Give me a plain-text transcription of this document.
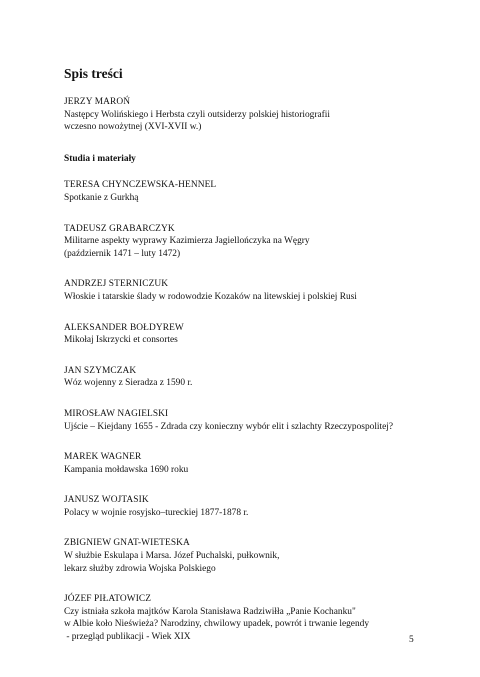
Spis treści
JERZY MAROŃ
Następcy Wolińskiego i Herbsta czyli outsiderzy polskiej historiografii
wczesno nowożytnej (XVI-XVII w.)
Studia i materiały
TERESA CHYNCZEWSKA-HENNEL
Spotkanie z Gurkhą
TADEUSZ GRABARCZYK
Militarne aspekty wyprawy Kazimierza Jagiellończyka na Węgry
(październik 1471 – luty 1472)
ANDRZEJ STERNICZUK
Włoskie i tatarskie ślady w rodowodzie Kozaków na litewskiej i polskiej Rusi
ALEKSANDER BOŁDYREW
Mikołaj Iskrzycki et consortes
JAN SZYMCZAK
Wóz wojenny z Sieradza z 1590 r.
MIROSŁAW NAGIELSKI
Ujście – Kiejdany 1655 - Zdrada czy konieczny wybór elit i szlachty Rzeczypospolitej?
MAREK WAGNER
Kampania mołdawska 1690 roku
JANUSZ WOJTASIK
Polacy w wojnie rosyjsko–tureckiej 1877-1878 r.
ZBIGNIEW GNAT-WIETESKA
W służbie Eskulapa i Marsa. Józef Puchalski, pułkownik,
lekarz służby zdrowia Wojska Polskiego
JÓZEF PIŁATOWICZ
Czy istniała szkoła majtków Karola Stanisława Radziwiłła „Panie Kochanku"
w Albie koło Nieświeża? Narodziny, chwilowy upadek, powrót i trwanie legendy
- przegląd publikacji - Wiek XIX	5
